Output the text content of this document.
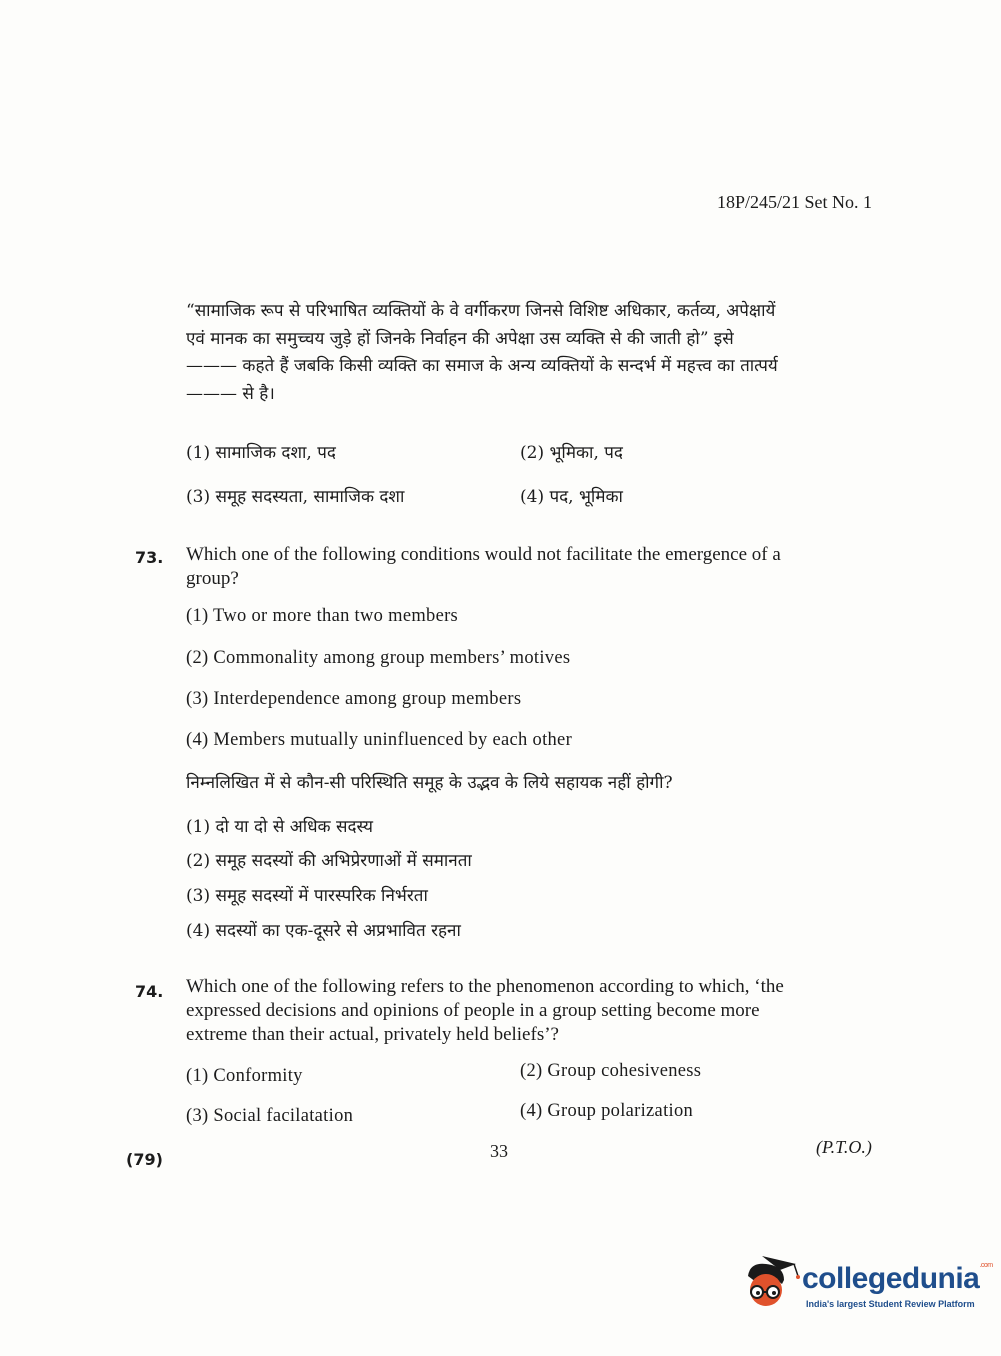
18P/245/21 Set No. 1
“सामाजिक रूप से परिभाषित व्यक्तियों के वे वर्गीकरण जिनसे विशिष्ट अधिकार, कर्तव्य, अपेक्षायें
एवं मानक का समुच्चय जुड़े हों जिनके निर्वाहन की अपेक्षा उस व्यक्ति से की जाती हो” इसे
——— कहते हैं जबकि किसी व्यक्ति का समाज के अन्य व्यक्तियों के सन्दर्भ में महत्त्व का तात्पर्य
——— से है।
(1) सामाजिक दशा, पद	(2) भूमिका, पद
(3) समूह सदस्यता, सामाजिक दशा	(4) पद, भूमिका
73. Which one of the following conditions would not facilitate the emergence of a
group?
(1) Two or more than two members
(2) Commonality among group members’ motives
(3) Interdependence among group members
(4) Members mutually uninfluenced by each other
निम्नलिखित में से कौन-सी परिस्थिति समूह के उद्भव के लिये सहायक नहीं होगी?
(1) दो या दो से अधिक सदस्य
(2) समूह सदस्यों की अभिप्रेरणाओं में समानता
(3) समूह सदस्यों में पारस्परिक निर्भरता
(4) सदस्यों का एक-दूसरे से अप्रभावित रहना
74. Which one of the following refers to the phenomenon according to which, ‘the
expressed decisions and opinions of people in a group setting become more
extreme than their actual, privately held beliefs’?
(1) Conformity	(2) Group cohesiveness
(3) Social facilatation	(4) Group polarization
(79)	33	(P.T.O.)
collegedunia$^{.com}$
India's largest Student Review Platform
